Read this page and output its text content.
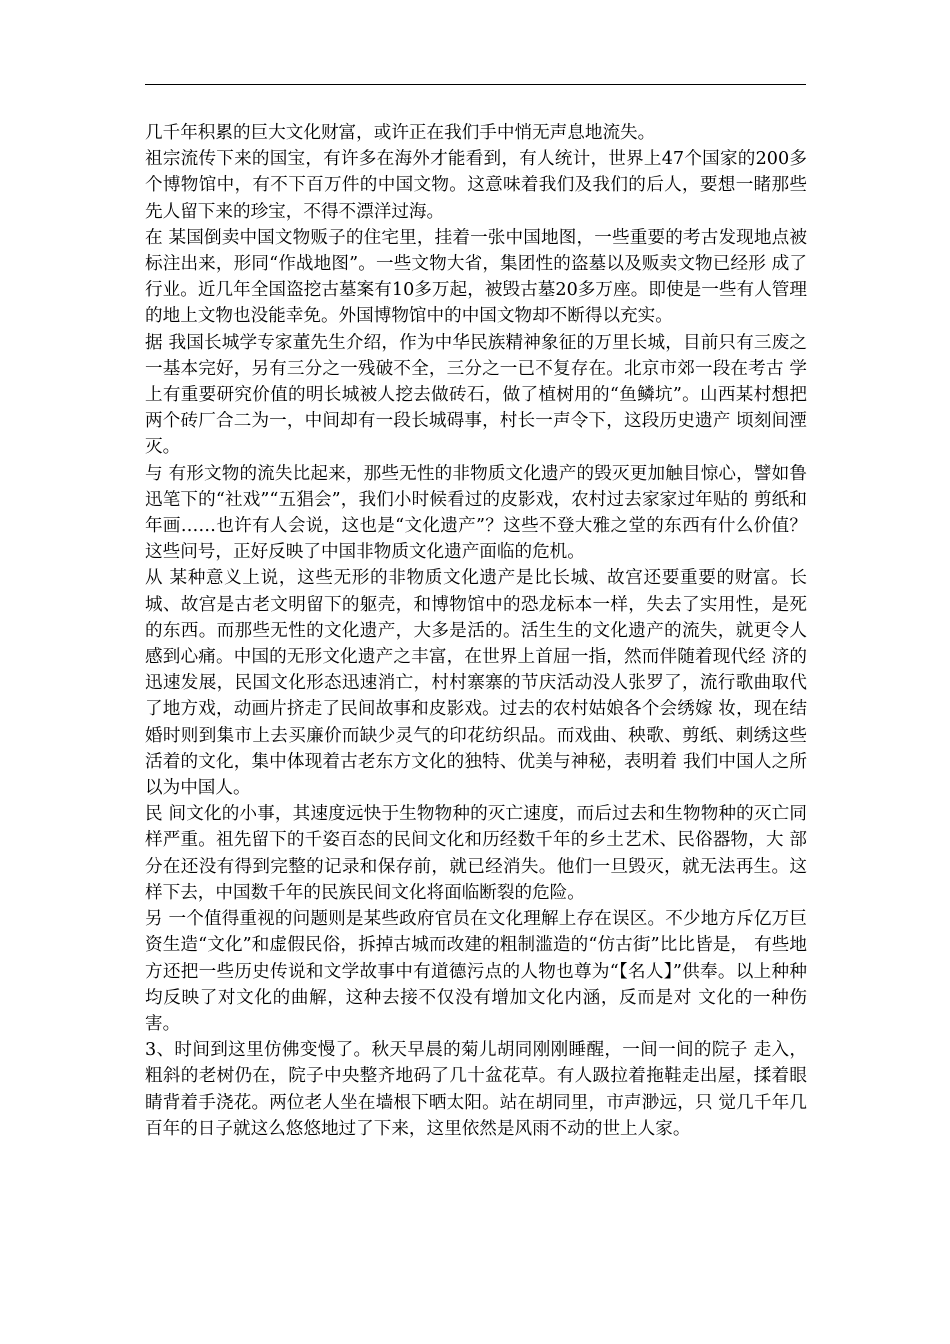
几千年积累的巨大文化财富，或许正在我们手中悄无声息地流失。

祖宗流传下来的国宝，有许多在海外才能看到，有人统计，世界上47个国家的200多个博物馆中，有不下百万件的中国文物。这意味着我们及我们的后人，要想一睹那些先人留下来的珍宝，不得不漂洋过海。

在 某国倒卖中国文物贩子的住宅里，挂着一张中国地图，一些重要的考古发现地点被标注出来，形同“作战地图”。一些文物大省，集团性的盗墓以及贩卖文物已经形 成了行业。近几年全国盗挖古墓案有10多万起，被毁古墓20多万座。即使是一些有人管理的地上文物也没能幸免。外国博物馆中的中国文物却不断得以充实。

据 我国长城学专家董先生介绍，作为中华民族精神象征的万里长城，目前只有三废之一基本完好，另有三分之一残破不全，三分之一已不复存在。北京市郊一段在考古 学上有重要研究价值的明长城被人挖去做砖石，做了植树用的“鱼鳞坑”。山西某村想把两个砖厂合二为一，中间却有一段长城碍事，村长一声令下，这段历史遗产 顷刻间湮灭。

与 有形文物的流失比起来，那些无性的非物质文化遗产的毁灭更加触目惊心，譬如鲁迅笔下的“社戏”“五猖会”，我们小时候看过的皮影戏，农村过去家家过年贴的 剪纸和年画……也许有人会说，这也是“文化遗产”？这些不登大雅之堂的东西有什么价值？这些问号，正好反映了中国非物质文化遗产面临的危机。

从 某种意义上说，这些无形的非物质文化遗产是比长城、故宫还要重要的财富。长城、故宫是古老文明留下的躯壳，和博物馆中的恐龙标本一样，失去了实用性，是死 的东西。而那些无性的文化遗产，大多是活的。活生生的文化遗产的流失，就更令人感到心痛。中国的无形文化遗产之丰富，在世界上首屈一指，然而伴随着现代经 济的迅速发展，民国文化形态迅速消亡，村村寨寨的节庆活动没人张罗了，流行歌曲取代了地方戏，动画片挤走了民间故事和皮影戏。过去的农村姑娘各个会绣嫁 妆，现在结婚时则到集市上去买廉价而缺少灵气的印花纺织品。而戏曲、秧歌、剪纸、刺绣这些活着的文化，集中体现着古老东方文化的独特、优美与神秘，表明着 我们中国人之所以为中国人。

民 间文化的小事，其速度远快于生物物种的灭亡速度，而后过去和生物物种的灭亡同样严重。祖先留下的千姿百态的民间文化和历经数千年的乡土艺术、民俗器物，大 部分在还没有得到完整的记录和保存前，就已经消失。他们一旦毁灭，就无法再生。这样下去，中国数千年的民族民间文化将面临断裂的危险。

另 一个值得重视的问题则是某些政府官员在文化理解上存在误区。不少地方斥亿万巨资生造“文化”和虚假民俗，拆掉古城而改建的粗制滥造的“仿古街”比比皆是， 有些地方还把一些历史传说和文学故事中有道德污点的人物也尊为“【名人】”供奉。以上种种均反映了对文化的曲解，这种去接不仅没有增加文化内涵，反而是对 文化的一种伤害。

3、时间到这里仿佛变慢了。秋天早晨的菊儿胡同刚刚睡醒，一间一间的院子 走入，粗斜的老树仍在，院子中央整齐地码了几十盆花草。有人趿拉着拖鞋走出屋，揉着眼睛背着手浇花。两位老人坐在墙根下晒太阳。站在胡同里，市声渺远，只 觉几千年几百年的日子就这么悠悠地过了下来，这里依然是风雨不动的世上人家。
